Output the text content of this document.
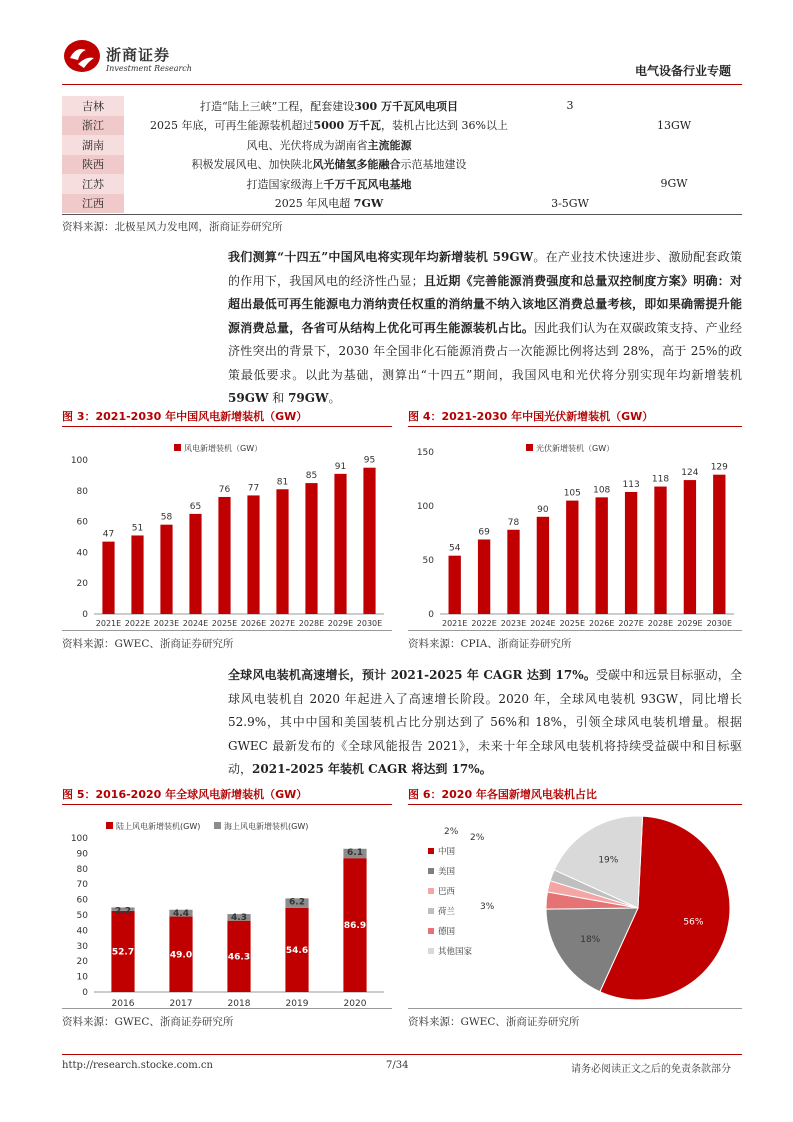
浙商证券
Investment Research	电气设备行业专题
吉林	打造“陆上三峡”工程，配套建设300 万千瓦风电项目	3	
浙江	2025 年底，可再生能源装机超过5000 万千瓦，装机占比达到 36%以上		13GW
湖南	风电、光伏将成为湖南省主流能源		
陕西	积极发展风电、加快陕北风光储氢多能融合示范基地建设		
江苏	打造国家级海上千万千瓦风电基地		9GW
江西	2025 年风电超 7GW	3-5GW	
资料来源：北极星风力发电网，浙商证券研究所
我们测算“十四五”中国风电将实现年均新增装机 59GW。在产业技术快速进步、激励配套政策的作用下，我国风电的经济性凸显；且近期《完善能源消费强度和总量双控制度方案》明确：对超出最低可再生能源电力消纳责任权重的消纳量不纳入该地区消费总量考核，即如果确需提升能源消费总量，各省可从结构上优化可再生能源装机占比。因此我们认为在双碳政策支持、产业经济性突出的背景下，2030 年全国非化石能源消费占一次能源比例将达到 28%，高于 25%的政策最低要求。以此为基础，测算出“十四五”期间，我国风电和光伏将分别实现年均新增装机 59GW 和 79GW。
图 3：2021-2030 年中国风电新增装机（GW）
0
20
40
60
80
100
47
2021E
51
2022E
58
2023E
65
2024E
76
2025E
77
2026E
81
2027E
85
2028E
91
2029E
95
2030E
风电新增装机（GW）
资料来源：GWEC、浙商证券研究所
图 4：2021-2030 年中国光伏新增装机（GW）
0
50
100
150
54
2021E
69
2022E
78
2023E
90
2024E
105
2025E
108
2026E
113
2027E
118
2028E
124
2029E
129
2030E
光伏新增装机（GW）
资料来源：CPIA、浙商证券研究所
全球风电装机高速增长，预计 2021-2025 年 CAGR 达到 17%。受碳中和远景目标驱动，全球风电装机自 2020 年起进入了高速增长阶段。2020 年，全球风电装机 93GW，同比增长 52.9%，其中中国和美国装机占比分别达到了 56%和 18%，引领全球风电装机增量。根据 GWEC 最新发布的《全球风能报告 2021》，未来十年全球风电装机将持续受益碳中和目标驱动，2021-2025 年装机 CAGR 将达到 17%。
图 5：2016-2020 年全球风电新增装机（GW）
0
10
20
30
40
50
60
70
80
90
100
52.7
2.2
2016
49.0
4.4
2017
46.3
4.3
2018
54.6
6.2
2019
86.9
6.1
2020
陆上风电新增装机(GW)	海上风电新增装机(GW)
资料来源：GWEC、浙商证券研究所
图 6：2020 年各国新增风电装机占比
56%
18%
19%
2%
2%
3%
中国
美国
巴西
荷兰
德国
其他国家
资料来源：GWEC、浙商证券研究所
http://research.stocke.com.cn	7/34	请务必阅读正文之后的免责条款部分
